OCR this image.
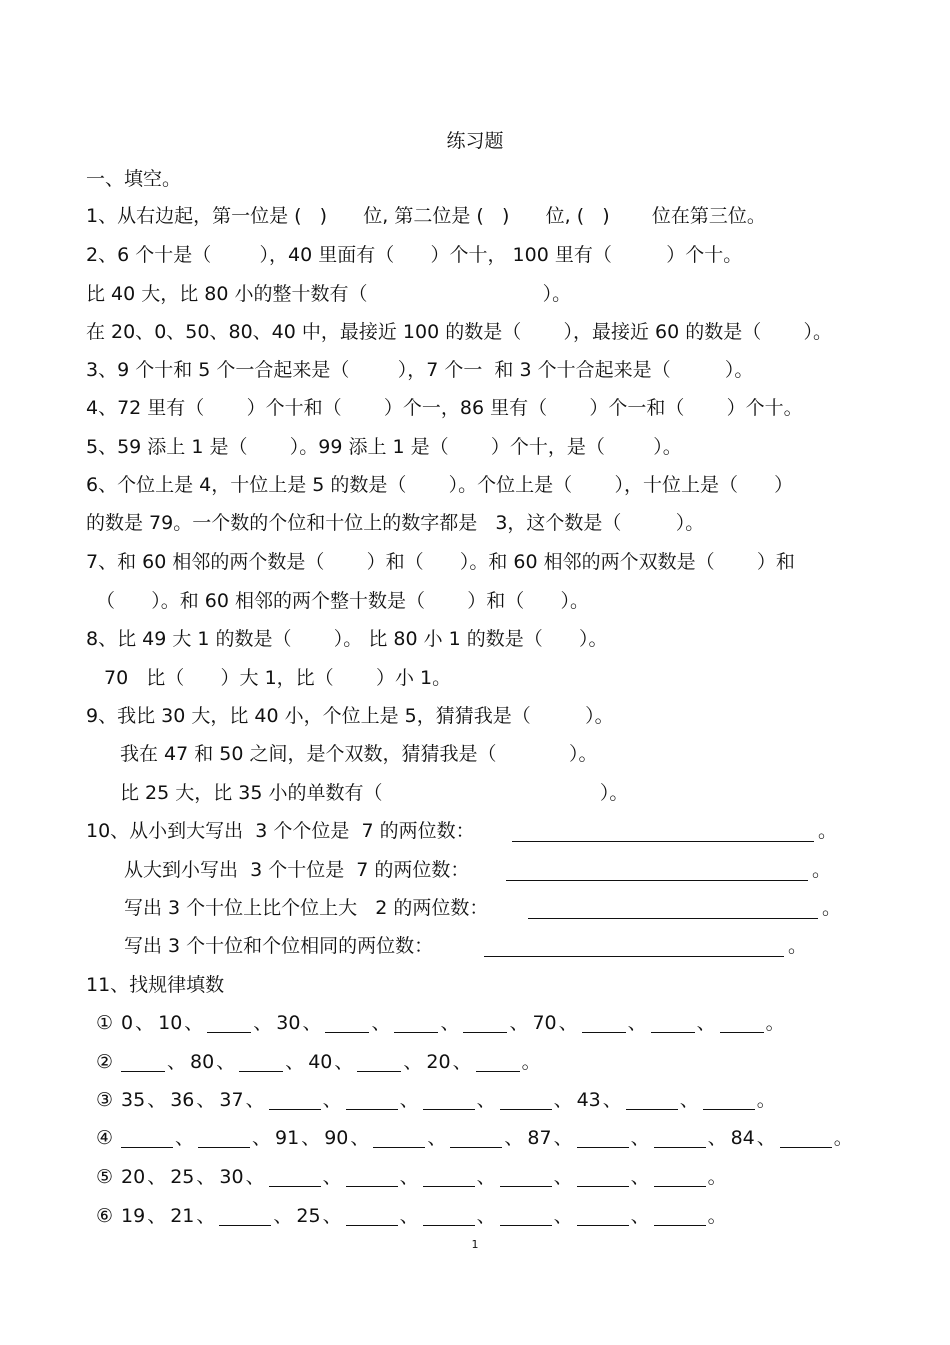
练习题
一、填空。
1、从右边起，第一位是 (   )      位, 第二位是 (   )      位, (   )       位在第三位。
2、6 个十是（        ），40 里面有（      ）个十， 100 里有（         ）个十。
比 40 大，比 80 小的整十数有（                             ）。
在 20、0、50、80、40 中，最接近 100 的数是（       ），最接近 60 的数是（       ）。
3、9 个十和 5 个一合起来是（        ），7 个一  和 3 个十合起来是（         ）。
4、72 里有（       ）个十和（       ）个一，86 里有（       ）个一和（       ）个十。
5、59 添上 1 是（       ）。99 添上 1 是（       ）个十，是（        ）。
6、个位上是 4，十位上是 5 的数是（       ）。个位上是（       ），十位上是（      ）
的数是 79。一个数的个位和十位上的数字都是   3，这个数是（         ）。
7、和 60 相邻的两个数是（       ）和（      ）。和 60 相邻的两个双数是（       ）和
（      ）。和 60 相邻的两个整十数是（       ）和（      ）。
8、比 49 大 1 的数是（       ）。 比 80 小 1 的数是（      ）。
70   比（      ）大 1，比（       ）小 1。
9、我比 30 大，比 40 小，个位上是 5，猜猜我是（         ）。
我在 47 和 50 之间，是个双数，猜猜我是（            ）。
比 25 大，比 35 小的单数有（                                    ）。
10、从小到大写出  3 个个位是  7 的两位数：	。
从大到小写出  3 个十位是  7 的两位数：	。
写出 3 个十位上比个位上大   2 的两位数：	。
写出 3 个十位和个位相同的两位数：	。
11、找规律填数
① 0 、 10 、	、 30 、	、	、	、 70 、	、	、	。
②	、 80 、	、 40 、	、 20 、	。
③ 35 、 36 、 37 、	、	、	、	、 43 、	、	。
④	、	、 91 、 90 、	、	、 87 、	、	、 84 、	。
⑤ 20 、 25 、 30 、	、	、	、	、	、	。
⑥ 19 、 21 、	、 25 、	、	、	、	、	。
1
